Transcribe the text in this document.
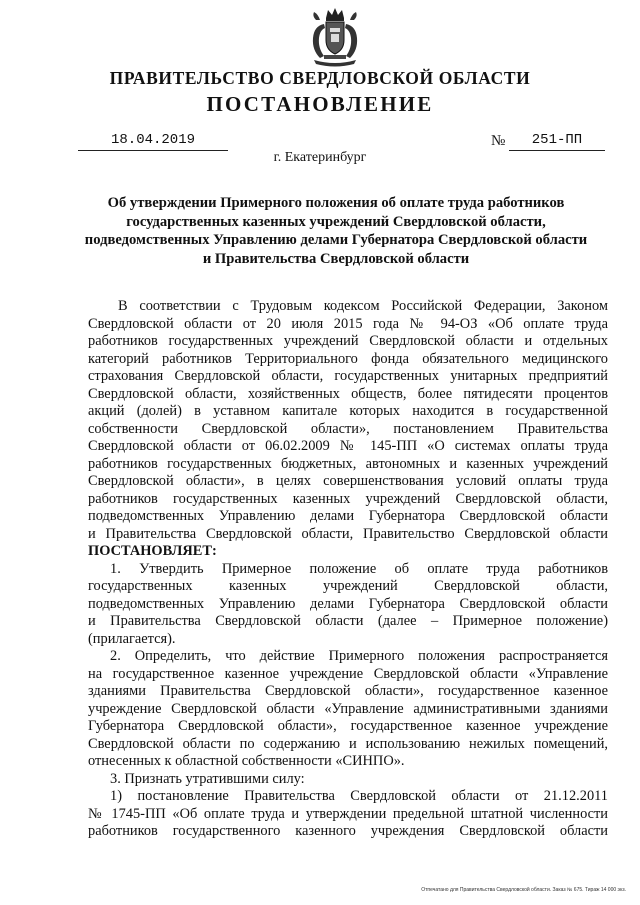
ПРАВИТЕЛЬСТВО СВЕРДЛОВСКОЙ ОБЛАСТИ
ПОСТАНОВЛЕНИЕ
18.04.2019	№	251-ПП
г. Екатеринбург
Об утверждении Примерного положения об оплате труда работников
государственных казенных учреждений Свердловской области,
подведомственных Управлению делами Губернатора Свердловской области
и Правительства Свердловской области
В соответствии с Трудовым кодексом Российской Федерации, Законом
Свердловской области от 20 июля 2015 года № 94-ОЗ «Об оплате труда
работников государственных учреждений Свердловской области и отдельных
категорий работников Территориального фонда обязательного медицинского
страхования Свердловской области, государственных унитарных предприятий
Свердловской области, хозяйственных обществ, более пятидесяти процентов
акций (долей) в уставном капитале которых находится в государственной
собственности Свердловской области», постановлением Правительства
Свердловской области от 06.02.2009 № 145-ПП «О системах оплаты труда
работников государственных бюджетных, автономных и казенных учреждений
Свердловской области», в целях совершенствования условий оплаты труда
работников государственных казенных учреждений Свердловской области,
подведомственных Управлению делами Губернатора Свердловской области
и Правительства Свердловской области, Правительство Свердловской области
ПОСТАНОВЛЯЕТ:
1. Утвердить Примерное положение об оплате труда работников
государственных казенных учреждений Свердловской области,
подведомственных Управлению делами Губернатора Свердловской области
и Правительства Свердловской области (далее – Примерное положение)
(прилагается).
2. Определить, что действие Примерного положения распространяется
на государственное казенное учреждение Свердловской области «Управление
зданиями Правительства Свердловской области», государственное казенное
учреждение Свердловской области «Управление административными зданиями
Губернатора Свердловской области», государственное казенное учреждение
Свердловской области по содержанию и использованию нежилых помещений,
отнесенных к областной собственности «СИНПО».
3. Признать утратившими силу:
1) постановление Правительства Свердловской области от 21.12.2011
№ 1745-ПП «Об оплате труда и утверждении предельной штатной численности
работников государственного казенного учреждения Свердловской области
Отпечатано для Правительства Свердловской области. Заказ № 675. Тираж 14 000 экз.
